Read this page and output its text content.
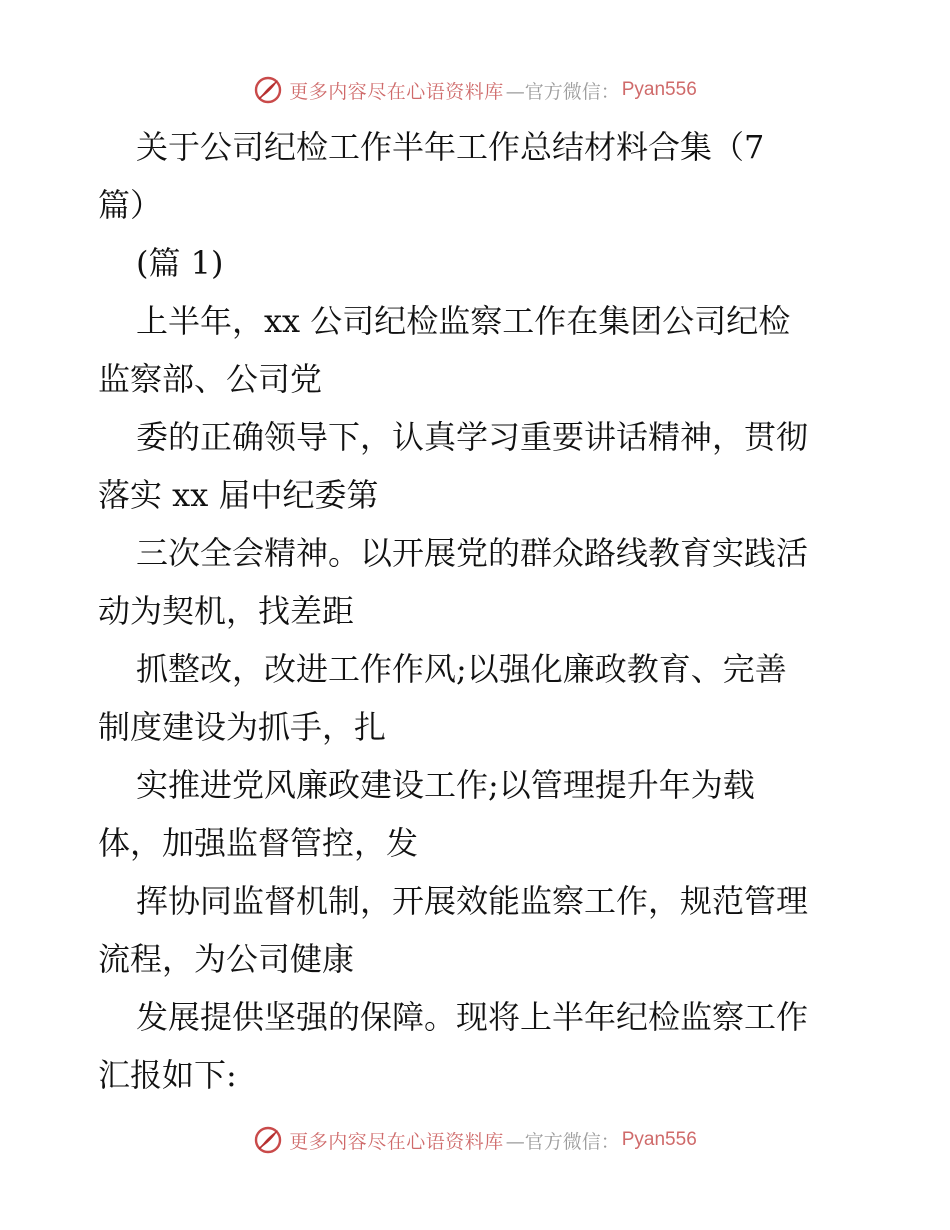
更多内容尽在心语资料库 —官方微信： Pyan556
关于公司纪检工作半年工作总结材料合集（7
篇）
(篇 1)
上半年，xx 公司纪检监察工作在集团公司纪检
监察部、公司党
委的正确领导下，认真学习重要讲话精神，贯彻
落实 xx 届中纪委第
三次全会精神。以开展党的群众路线教育实践活
动为契机，找差距
抓整改，改进工作作风;以强化廉政教育、完善
制度建设为抓手，扎
实推进党风廉政建设工作;以管理提升年为载
体，加强监督管控，发
挥协同监督机制，开展效能监察工作，规范管理
流程，为公司健康
发展提供坚强的保障。现将上半年纪检监察工作
汇报如下:
更多内容尽在心语资料库 —官方微信： Pyan556
